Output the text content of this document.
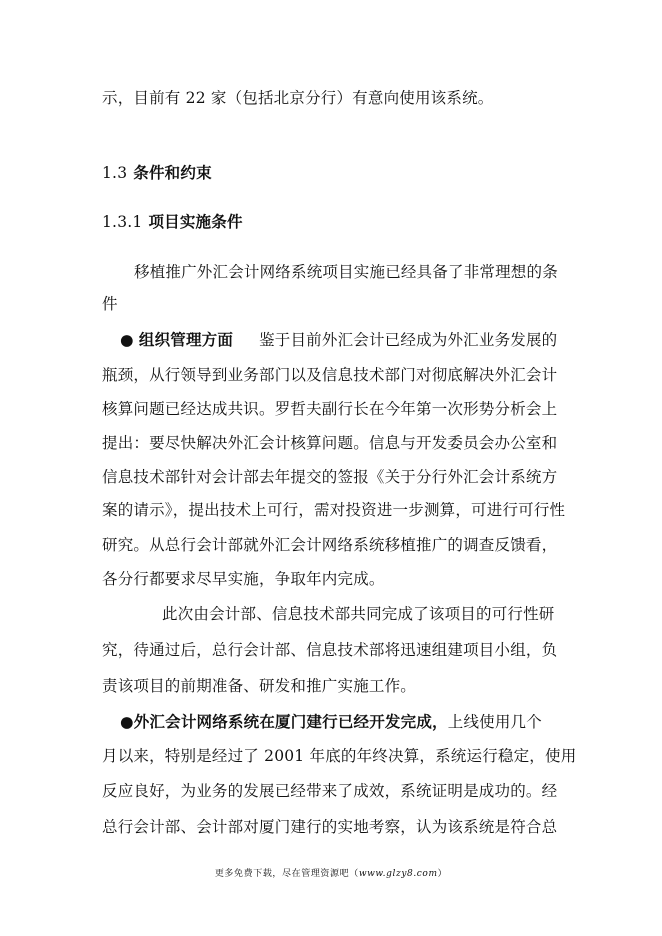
示，目前有 22 家（包括北京分行）有意向使用该系统。
1.3 条件和约束
1.3.1 项目实施条件
移植推广外汇会计网络系统项目实施已经具备了非常理想的条
件
● 组织管理方面 鉴于目前外汇会计已经成为外汇业务发展的
瓶颈，从行领导到业务部门以及信息技术部门对彻底解决外汇会计
核算问题已经达成共识。罗哲夫副行长在今年第一次形势分析会上
提出：要尽快解决外汇会计核算问题。信息与开发委员会办公室和
信息技术部针对会计部去年提交的签报《关于分行外汇会计系统方
案的请示》，提出技术上可行，需对投资进一步测算，可进行可行性
研究。从总行会计部就外汇会计网络系统移植推广的调查反馈看，
各分行都要求尽早实施，争取年内完成。
此次由会计部、信息技术部共同完成了该项目的可行性研
究，待通过后，总行会计部、信息技术部将迅速组建项目小组，负
责该项目的前期准备、研发和推广实施工作。
●外汇会计网络系统在厦门建行已经开发完成，上线使用几个
月以来，特别是经过了 2001 年底的年终决算，系统运行稳定，使用
反应良好，为业务的发展已经带来了成效，系统证明是成功的。经
总行会计部、会计部对厦门建行的实地考察，认为该系统是符合总
更多免费下载，尽在管理资源吧（www.glzy8.com）
